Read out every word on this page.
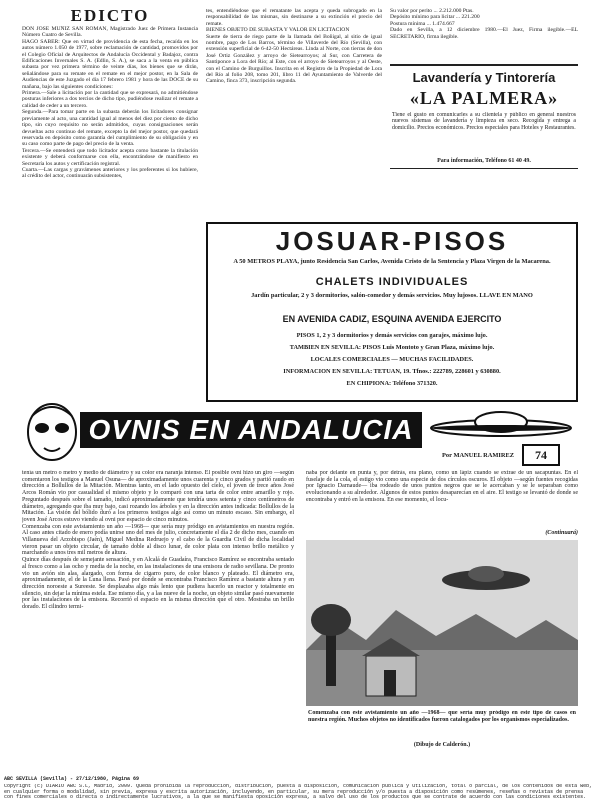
EDICTO
DON JOSE MUÑIZ SAN ROMAN, Magistrado Juez de Primera Instancia Número Cuatro de Sevilla.
HAGO SABER: Que en virtud de providencia de esta fecha, recaída en los autos número 1.050 de 1977, sobre reclamación de cantidad, promovidos por el Colegio Oficial de Arquitectos de Andalucía Occidental y Badajoz, contra Edificaciones Invernales S. A. (Edlin, S. A.), se saca a la venta en pública subasta por vez primera término de veinte días, los bienes que se dirán, señalándose para su remate en el remate en el mejor postor, en la Sala de Audiencias de este Juzgado el día 17 febrero 1981 y hora de las DOCE de su mañana, bajo las siguientes condiciones:
Primera.—Sale a licitación por la cantidad que se expresará, no admitiéndose posturas inferiores a dos tercios de dicho tipo, pudiéndose realizar el remate a calidad de ceder a un tercero.
Segunda.—Para tomar parte en la subasta deberán los licitadores consignar previamente al acto, una cantidad igual al menos del diez por ciento de dicho tipo, sin cuyo requisito no serán admitidos, cuyas consignaciones serán devueltas acto continuo del remate, excepto la del mejor postor, que quedará reservada en depósito como garantía del cumplimiento de su obligación y en su caso como parte de pago del precio de la venta.
Tercera.—Se entenderá que todo licitador acepta como bastante la titulación existente y deberá conformarse con ella, encontrándose de manifiesto en Secretaría los autos y certificación registral.
Cuarta.—Las cargas y gravámenes anteriores y los preferentes si los hubiere, al crédito del actor, continuarán subsistentes,
tes, entendiéndose que el rematante las acepta y queda subrogado en la responsabilidad de las mismas, sin destinarse a su extinción el precio del remate.
BIENES OBJETO DE SUBASTA Y VALOR EN LICITACION
Suerte de tierra de riego parte de la llamada del Boñigal, al sitio de igual nombre, pago de Los Barros, término de Villaverde del Río (Sevilla), con extensión superficial de 6-42-50 Hectáreas. Linda al Norte, con tierras de don José Ortiz González y arroyo de Sietearroyos; al Sur, con Carretera de Santiponce a Lora del Río; al Este, con el arroyo de Sietearroyos y al Oeste, con el Camino de Burguillos. Inscrita en el Registro de la Propiedad de Lora del Río al folio 208, tomo 201, libro 11 del Ayuntamiento de Valverde del Camino, finca 373, inscripción segunda.
Su valor por perito ... 2.212.000 Ptas.
Depósito mínimo para licitar ... 221.200
Postura mínima ... 1.474.667
Dado en Sevilla, a 12 diciembre 1980.—El Juez, Firma ilegible.—EL SECRETARIO, firma ilegible.
Lavandería y Tintorería
«LA PALMERA»
Tiene el gusto en comunicarles a su clientela y público en general nuestros nuevos sistemas de lavandería y limpieza en seco. Recogida y entrega a domicilio. Precios económicos. Precios especiales para Hoteles y Restaurantes.
Para información, Teléfono 61 40 49.
JOSUAR-PISOS
A 50 METROS PLAYA, junto Residencia San Carlos, Avenida Cristo de la Sentencia y Plaza Virgen de la Macarena.
CHALETS INDIVIDUALES
Jardín particular, 2 y 3 dormitorios, salón-comedor y demás servicios. Muy lujosos. LLAVE EN MANO
EN AVENIDA CADIZ, ESQUINA AVENIDA EJERCITO
PISOS 1, 2 y 3 dormitorios y demás servicios con garajes, máximo lujo.
TAMBIEN EN SEVILLA: PISOS Luis Montoto y Gran Plaza, máximo lujo.
LOCALES COMERCIALES — MUCHAS FACILIDADES.
INFORMACION EN SEVILLA: TETUAN, 19. Tfnos.: 222789, 228601 y 630880.
EN CHIPIONA: Teléfono 371320.
OVNIS EN ANDALUCIA
Por MANUEL RAMIREZ	74
tenía un metro o metro y medio de diámetro y su color era naranja intenso. El posible ovni hizo un giro —según comentaron los testigos a Manuel Osuna— de aproximadamente unos cuarenta y cinco grados y partió raudo en dirección a Bollullos de la Mitación. Mientras tanto, en el lado opuesto del cielo, el joven de trece años José Arcos Román vio por casualidad el mismo objeto y lo comparó con una tarta de color entre amarillo y rojo. Preguntado después sobre el tamaño, indicó aproximadamente que tendría unos setenta y cinco centímetros de diámetro, agregando que iba muy bajo, casi rozando los árboles y en la dirección antes indicada: Bollullos de la Mitación. La visión del bólido duró a los primeros testigos algo así como un minuto escaso. Sin embargo, el joven José Arcos estuvo viendo al ovni por espacio de cinco minutos.
Comenzaba con este avistamiento un año —1968— que sería muy pródigo en avistamientos en nuestra región. Al caso antes citado de enero podía unirse uno del mes de julio, concretamente el día 2 de dicho mes, cuando en Villanueva del Arzobispo (Jaén), Miguel Medina Redruejo y el cabo de la Guardia Civil de dicha localidad vieron pasar un objeto circular, de tamaño doble al disco lunar, de color plata con intenso brillo metálico y marchando a unos tres mil metros de altura.
Quince días después de semejante sensación, y en Alcalá de Guadaíra, Francisco Ramírez se encontraba sentado al fresco como a las ocho y media de la noche, en las instalaciones de una emisora de radio sevillana. De pronto vio un avión sin alas, alargado, con forma de cigarro puro, de color blanco y plateado. El diámetro era, aproximadamente, el de la Luna llena. Pasó por donde se encontraba Francisco Ramírez a bastante altura y en dirección noroeste a Sureeste. Se desplazaba algo más lento que pudiera hacerlo un reactor y totalmente en silencio, sin dejar la mínima estela. Ese mismo día, y a las nueve de la noche, un objeto similar pasó nuevamente por las instalaciones de la emisora. Recorrió el espacio en la misma dirección que el otro. Mostraba un brillo dorado. El cilindro termi-
naba por delante en punta y, por detrás, era plano, como un lápiz cuando se extrae de un sacapuntas. En el fuselaje de la cola, el estigo vio como una especie de dos círculos oscuros. El objeto —según fuentes recogidas por Ignacio Darnaude— iba rodeado de unos puntos negros que se le acercaban y se le separaban como evolucionando a su alrededor. Algunos de estos puntos desaparecían en el aire. El testigo se levantó de donde se encontraba y entró en la emisora. En ese momento, el locu-
(Continuará)
Comenzaba con este avistamiento un año —1968— que sería muy pródigo en este tipo de casos en nuestra región. Muchos objetos no identificados fueron catalogados por los organismos especializados.
(Dibujo de Calderón.)
ABC SEVILLA (Sevilla) - 27/12/1980, Página 69
Copyright (c) DIARIO ABC S.L, Madrid, 2009. Queda prohibida la reproducción, distribución, puesta a disposición, comunicación pública y utilización, total o parcial, de los contenidos de esta web, en cualquier forma o modalidad, sin previa, expresa y escrita autorización, incluyendo, en particular, su mera reproducción y/o puesta a disposición como resúmenes, reseñas o revistas de prensa con fines comerciales o directa o indirectamente lucrativos, a la que se manifiesta oposición expresa, a salvo del uso de los productos que se contrate de acuerdo con las condiciones existentes.
